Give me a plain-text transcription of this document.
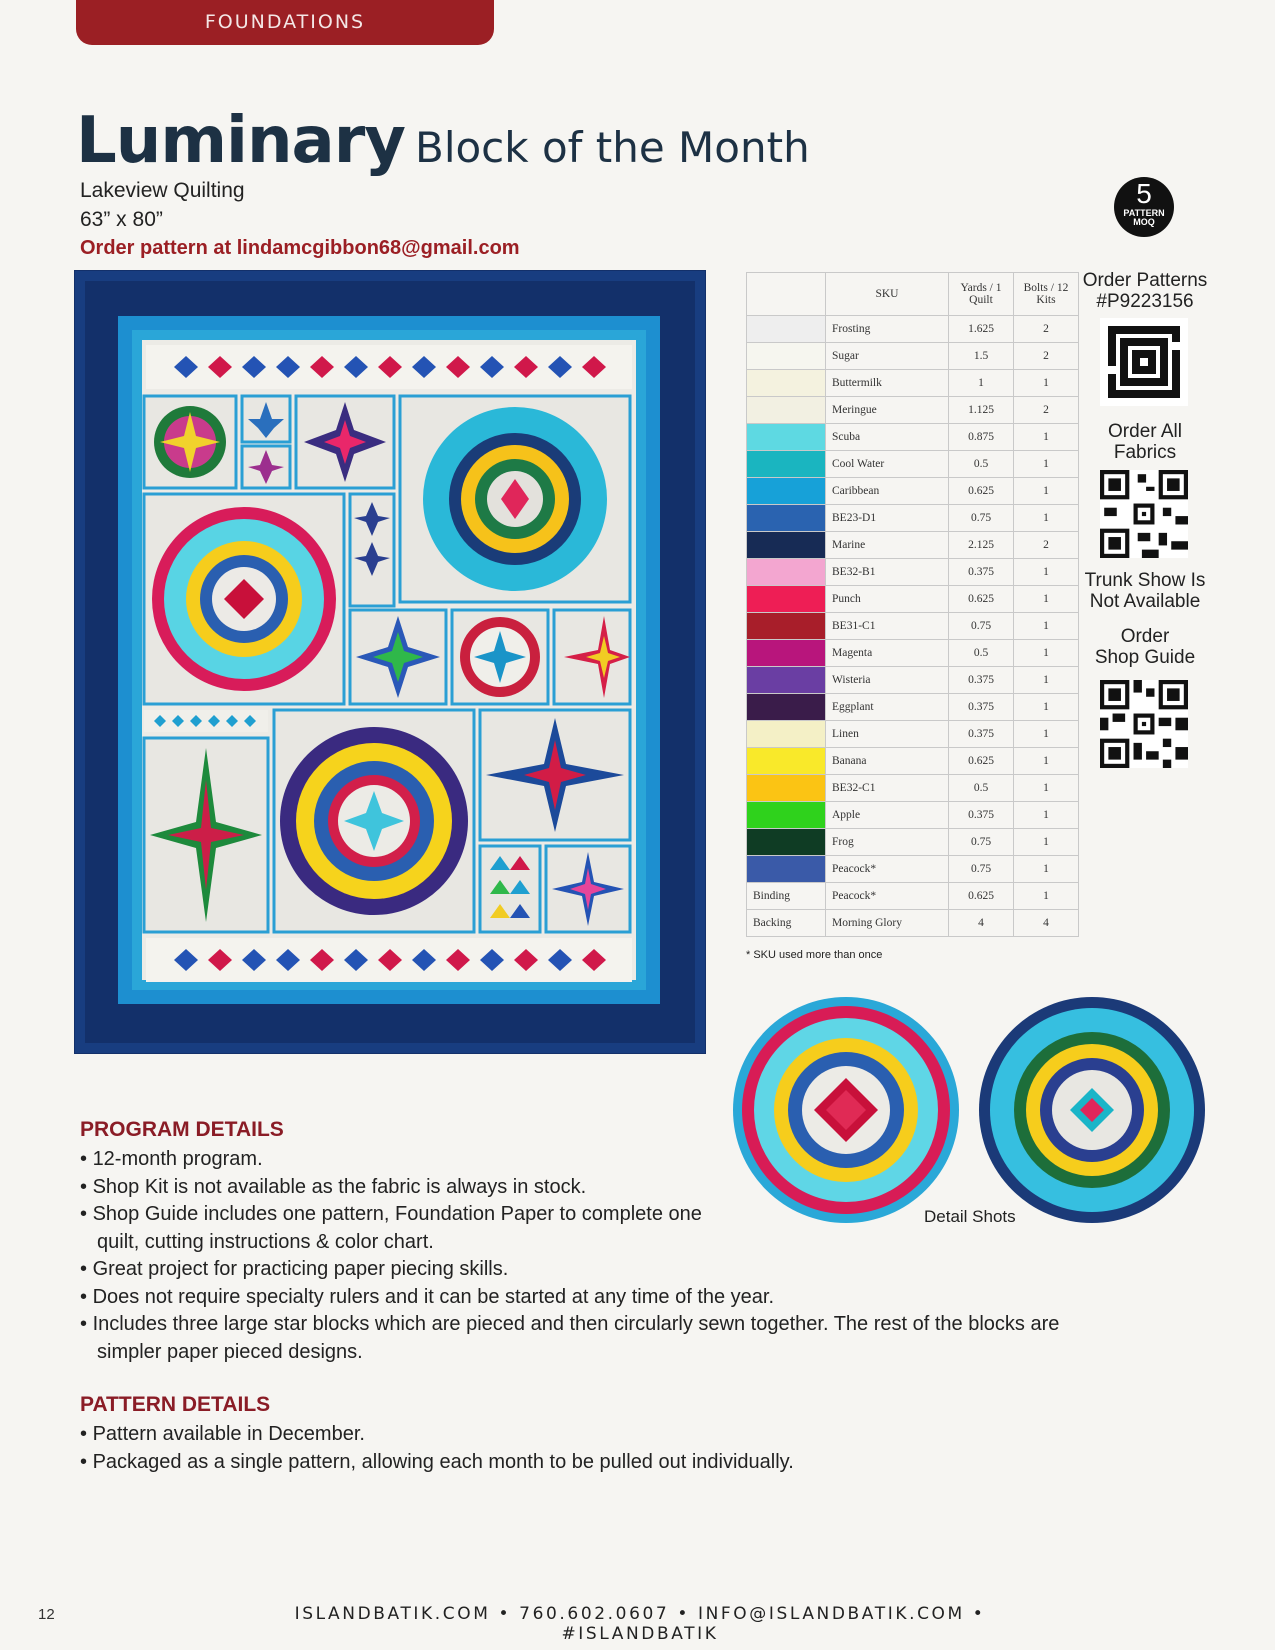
FOUNDATIONS
Luminary Block of the Month
Lakeview Quilting
63” x 80”
Order pattern at lindamcgibbon68@gmail.com
5
PATTERN
MOQ
	SKU	Yards / 1 Quilt	Bolts / 12 Kits
	Frosting	1.625	2
	Sugar	1.5	2
	Buttermilk	1	1
	Meringue	1.125	2
	Scuba	0.875	1
	Cool Water	0.5	1
	Caribbean	0.625	1
	BE23-D1	0.75	1
	Marine	2.125	2
	BE32-B1	0.375	1
	Punch	0.625	1
	BE31-C1	0.75	1
	Magenta	0.5	1
	Wisteria	0.375	1
	Eggplant	0.375	1
	Linen	0.375	1
	Banana	0.625	1
	BE32-C1	0.5	1
	Apple	0.375	1
	Frog	0.75	1
	Peacock*	0.75	1
Binding	Peacock*	0.625	1
Backing	Morning Glory	4	4
* SKU used more than once
Order Patterns
#P9223156
Order All
Fabrics
Trunk Show Is
Not Available
Order
Shop Guide
Detail Shots
PROGRAM DETAILS
• 12-month program.
• Shop Kit is not available as the fabric is always in stock.
• Shop Guide includes one pattern, Foundation Paper to complete one quilt, cutting instructions & color chart.
• Great project for practicing paper piecing skills.
• Does not require specialty rulers and it can be started at any time of the year.
• Includes three large star blocks which are pieced and then circularly sewn together. The rest of the blocks are simpler paper pieced designs.
PATTERN DETAILS
• Pattern available in December.
• Packaged as a single pattern, allowing each month to be pulled out individually.
12	ISLANDBATIK.COM • 760.602.0607 • INFO@ISLANDBATIK.COM • #ISLANDBATIK
